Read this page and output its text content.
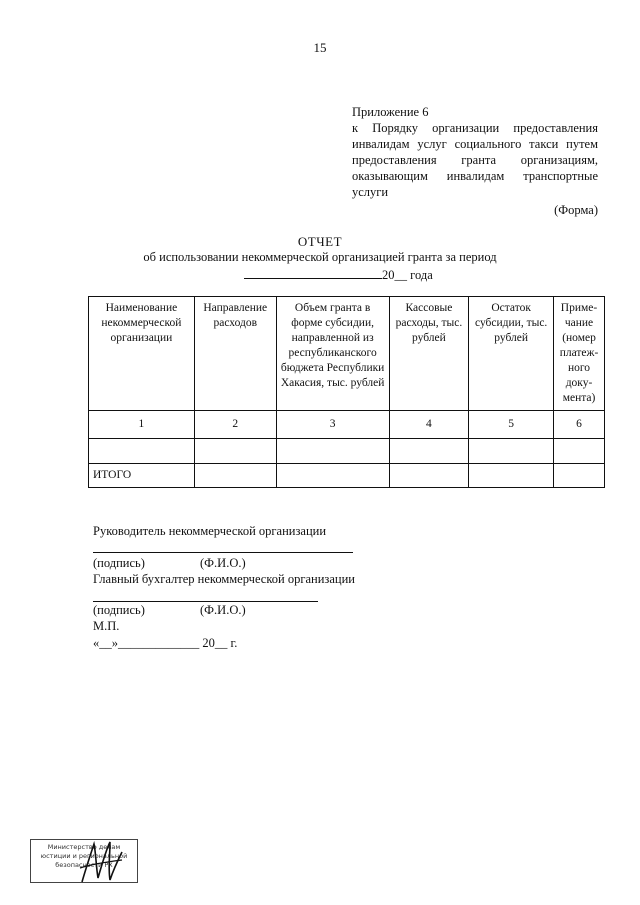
15
Приложение 6
к Порядку организации предоставления инвалидам услуг социального такси путем предоставления гранта организациям, оказывающим инвалидам транспортные услуги
(Форма)
ОТЧЕТ
об использовании некоммерческой организацией гранта за период
20__ года
Наименование некоммерческой организации	Направление расходов	Объем гранта в форме субсидии, направленной из республиканского бюджета Республики Хакасия, тыс. рублей	Кассовые расходы, тыс. рублей	Остаток субсидии, тыс. рублей	Приме-чание (номер платеж-ного доку-мента)
1	2	3	4	5	6

ИТОГО					
Руководитель некоммерческой организации
(подпись)	(Ф.И.О.)
Главный бухгалтер некоммерческой организации
(подпись)	(Ф.И.О.)
М.П.
«__»_____________ 20__ г.
Министерство делам
юстиции и региональной
безопасности РХ
